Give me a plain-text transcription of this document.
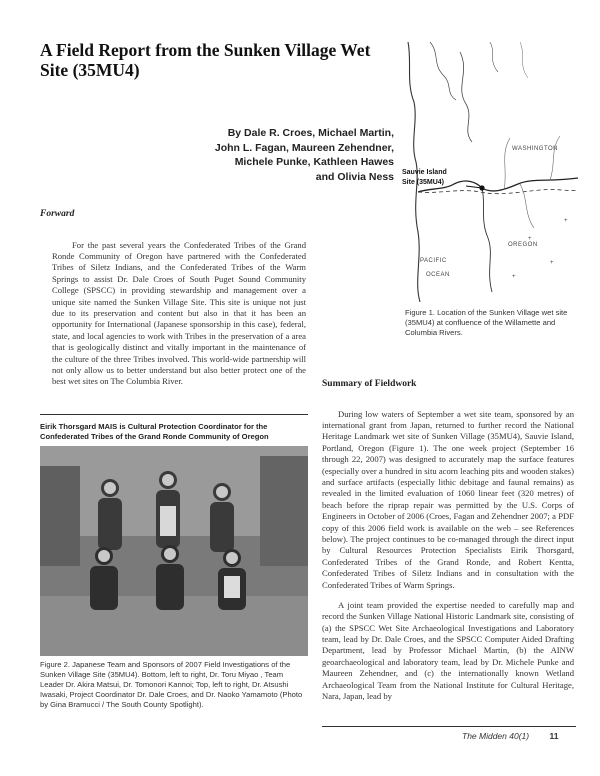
A Field Report from the Sunken Village Wet Site (35MU4)
By Dale R. Croes, Michael Martin,
John L. Fagan, Maureen Zehendner,
Michele Punke, Kathleen Hawes
and Olivia Ness
+
+
+
+
WASHINGTON
OREGON
PACIFIC
OCEAN
Sauvie Island
Site (35MU4)
Figure 1. Location of the Sunken Village wet site (35MU4) at confluence of the Willamette and Columbia Rivers.
Forward

For the past several years the Confederated Tribes of the Grand Ronde Community of Oregon have partnered with the Confederated Tribes of Siletz Indians, and the Confederated Tribes of the Warm Springs to assist Dr. Dale Croes of South Puget Sound Community College (SPSCC) in providing stewardship and management over a unique site named the Sunken Village Site. This site is unique not just due to its preservation and content but also in that it has been an opportunity for International (Japanese sponsorship in this case), federal, state, and local agencies to work with Tribes in the preservation of a area that is geologically distinct and vitally important in the maintenance of the culture of the three Tribes involved. This world-wide partnership will not only allow us to better understand but also better protect one of the best wet sites on The Columbia River.

Eirik Thorsgard MAIS is Cultural Protection Coordinator for the Confederated Tribes of the Grand Ronde Community of Oregon
Figure 2. Japanese Team and Sponsors of 2007 Field Investigations of the Sunken Village Site (35MU4). Bottom, left to right, Dr. Toru Miyao , Team Leader Dr. Akira Matsui, Dr. Tomonori Kannoi; Top, left to right, Dr. Atsushi Iwasaki, Project Coordinator Dr. Dale Croes, and Dr. Naoko Yamamoto (Photo by Gina Bramucci / The South County Spotlight).
Summary of Fieldwork

During low waters of September a wet site team, sponsored by an international grant from Japan, returned to further record the National Heritage Landmark wet site of Sunken Village (35MU4), Sauvie Island, Portland, Oregon (Figure 1). The one week project (September 16 through 22, 2007) was designed to accurately map the surface features (especially over a hundred in situ acorn leaching pits and wooden stakes) and surface artifacts (especially lithic debitage and faunal remains) as revealed in the limited evaluation of 1060 linear feet (320 metres) of beach before the riprap repair was permitted by the U.S. Corps of Engineers in October of 2006 (Croes, Fagan and Zehendner 2007; a PDF copy of this 2006 field work is available on the web – see References below). The project continues to be co-managed through the direct input by Cultural Resources Protection Specialists Eirik Thorsgard, Confederated Tribes of the Grand Ronde, and Robert Kentta, Confederated Tribes of Siletz Indians and in consultation with the Confederated Tribes of Warm Springs.

A joint team provided the expertise needed to carefully map and record the Sunken Village National Historic Landmark site, consisting of (a) the SPSCC Wet Site Archaeological Investigations and Laboratory team, lead by Dr. Dale Croes, and the SPSCC Computer Aided Drafting Department, lead by Professor Michael Martin, (b) the AINW geoarchaeological and laboratory team, lead by Dr. Michele Punke and Maureen Zehendner, and (c) the internationally known Wetland Archaeological Team from the National Institute for Cultural Heritage, Nara, Japan, lead by

The Midden 40(1) 11
